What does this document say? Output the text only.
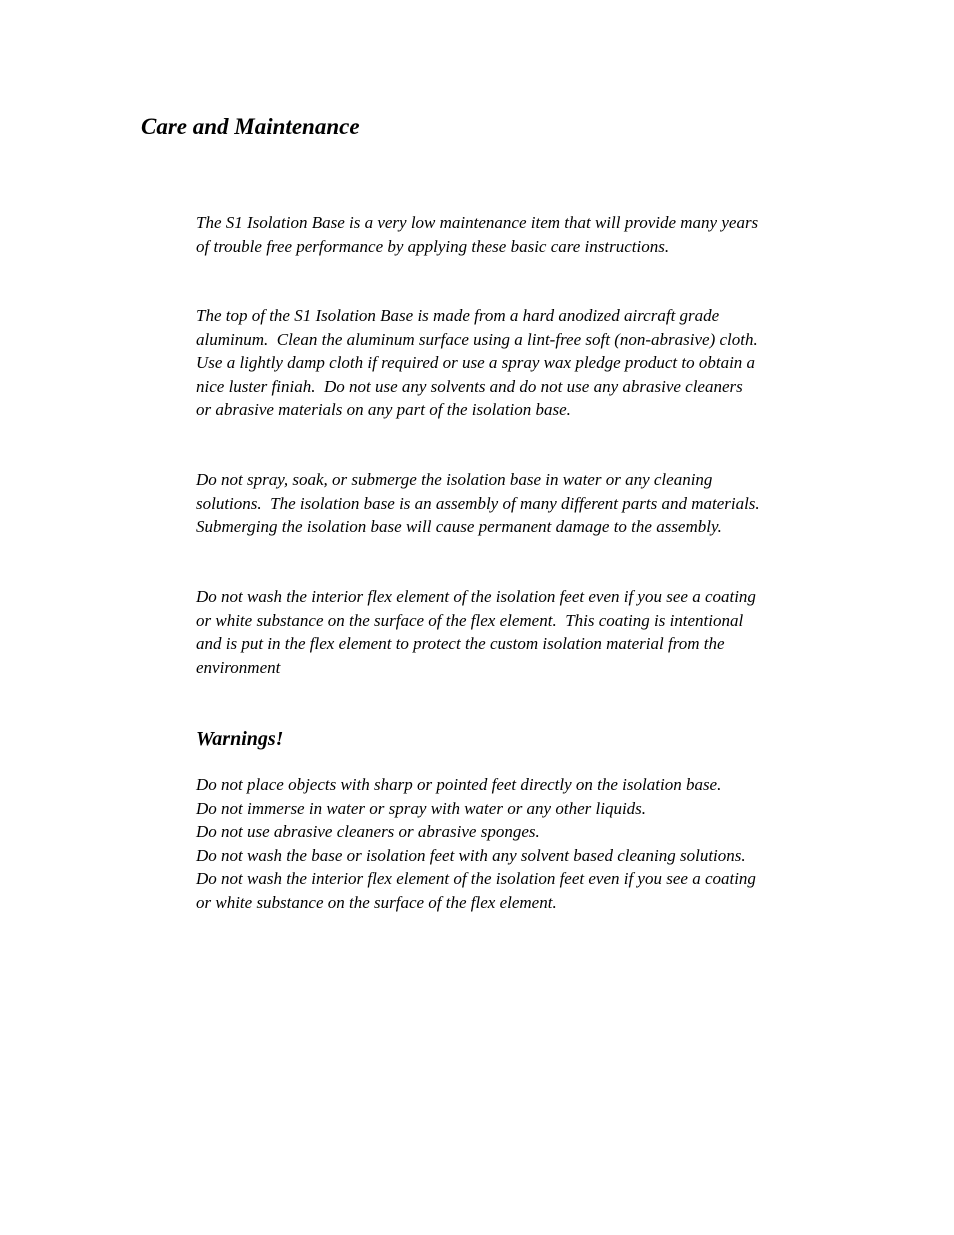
Care and Maintenance

The S1 Isolation Base is a very low maintenance item that will provide many years
of trouble free performance by applying these basic care instructions.

The top of the S1 Isolation Base is made from a hard anodized aircraft grade
aluminum.  Clean the aluminum surface using a lint-free soft (non-abrasive) cloth.
Use a lightly damp cloth if required or use a spray wax pledge product to obtain a
nice luster finiah.  Do not use any solvents and do not use any abrasive cleaners
or abrasive materials on any part of the isolation base.

Do not spray, soak, or submerge the isolation base in water or any cleaning
solutions.  The isolation base is an assembly of many different parts and materials.
Submerging the isolation base will cause permanent damage to the assembly.

Do not wash the interior flex element of the isolation feet even if you see a coating
or white substance on the surface of the flex element.  This coating is intentional
and is put in the flex element to protect the custom isolation material from the
environment

Warnings!
Do not place objects with sharp or pointed feet directly on the isolation base.
Do not immerse in water or spray with water or any other liquids.
Do not use abrasive cleaners or abrasive sponges.
Do not wash the base or isolation feet with any solvent based cleaning solutions.
Do not wash the interior flex element of the isolation feet even if you see a coating
or white substance on the surface of the flex element.
